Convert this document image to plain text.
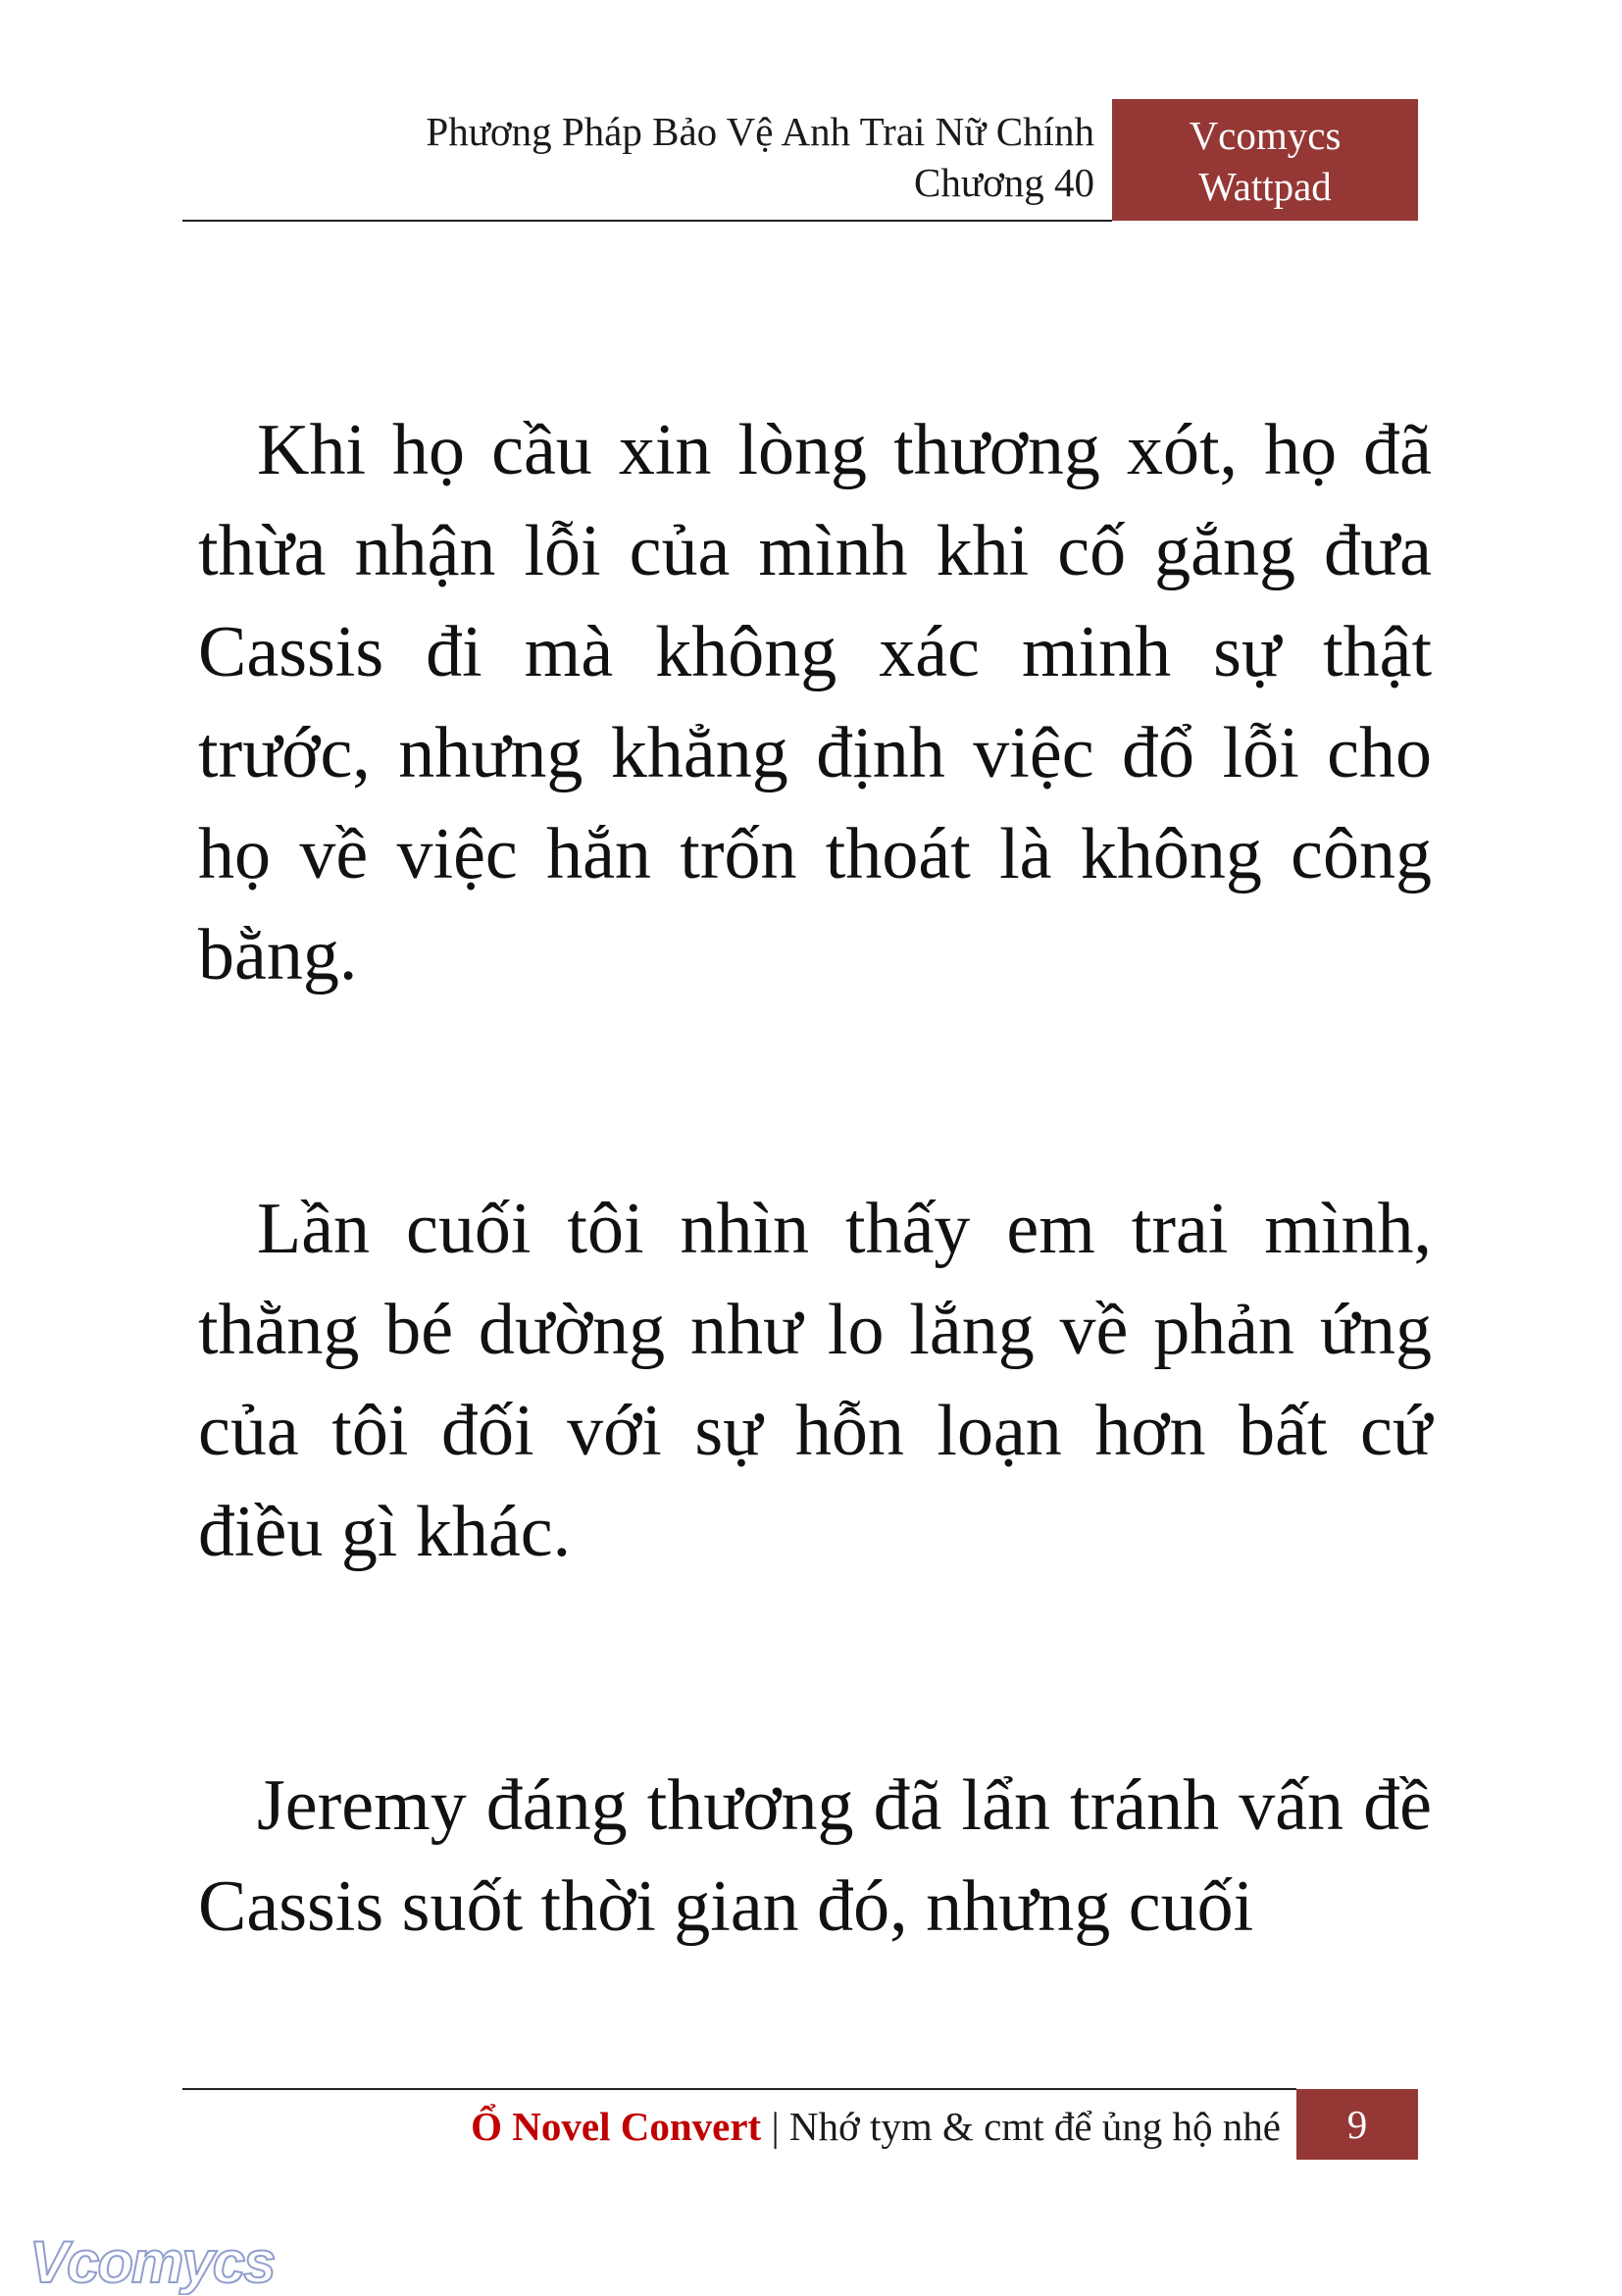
Phương Pháp Bảo Vệ Anh Trai Nữ Chính
Chương 40
Vcomycs
Wattpad

Khi họ cầu xin lòng thương xót, họ đã thừa nhận lỗi của mình khi cố gắng đưa Cassis đi mà không xác minh sự thật trước, nhưng khẳng định việc đổ lỗi cho họ về việc hắn trốn thoát là không công bằng.

Lần cuối tôi nhìn thấy em trai mình, thằng bé dường như lo lắng về phản ứng của tôi đối với sự hỗn loạn hơn bất cứ điều gì khác.

Jeremy đáng thương đã lẩn tránh vấn đề Cassis suốt thời gian đó, nhưng cuối

Ổ Novel Convert | Nhớ tym & cmt để ủng hộ nhé	9
Vcomycs
